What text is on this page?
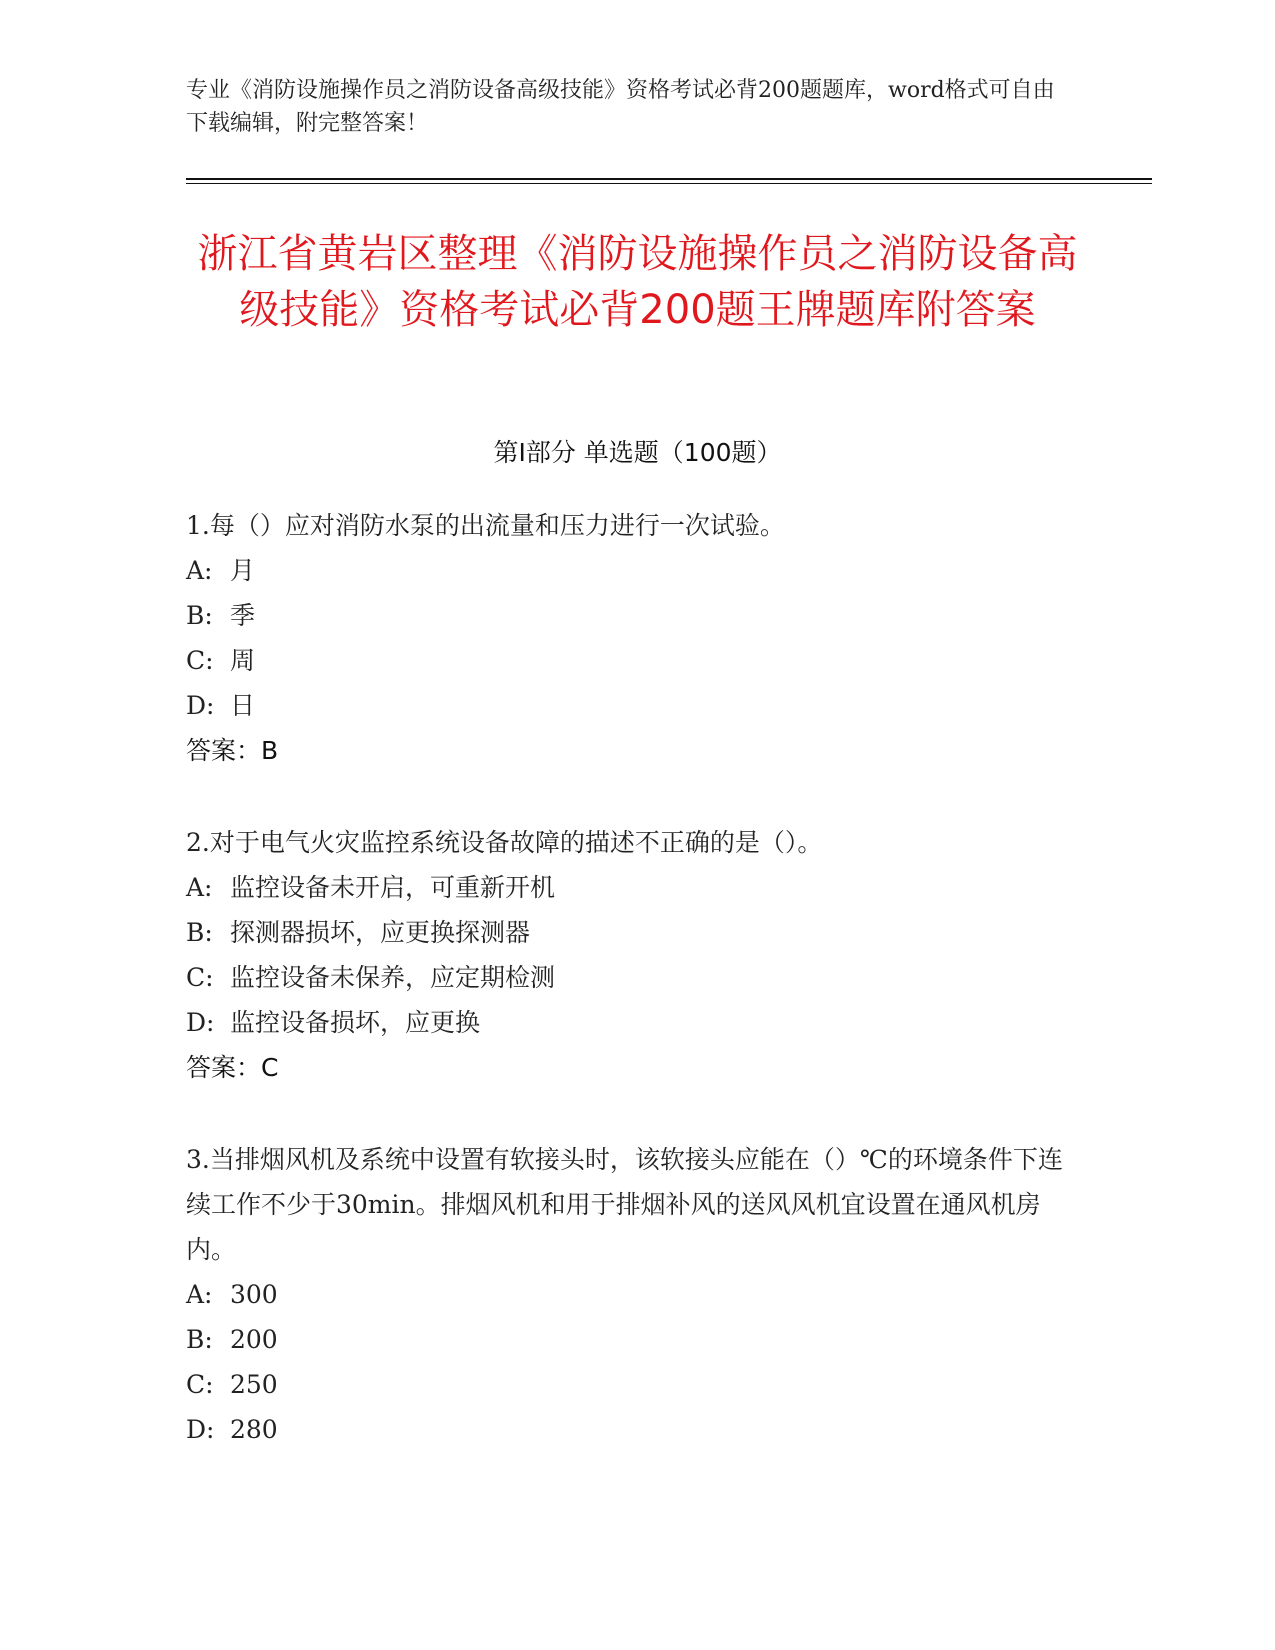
专业《消防设施操作员之消防设备高级技能》资格考试必背200题题库，word格式可自由下载编辑，附完整答案！
浙江省黄岩区整理《消防设施操作员之消防设备高级技能》资格考试必背200题王牌题库附答案
第Ⅰ部分 单选题（100题）

1.每（）应对消防水泵的出流量和压力进行一次试验。

A: 月

B: 季

C: 周

D: 日

答案：B

2.对于电气火灾监控系统设备故障的描述不正确的是（）。

A: 监控设备未开启，可重新开机

B: 探测器损坏，应更换探测器

C: 监控设备未保养，应定期检测

D: 监控设备损坏，应更换

答案：C

3.当排烟风机及系统中设置有软接头时，该软接头应能在（）℃的环境条件下连续工作不少于30min。排烟风机和用于排烟补风的送风风机宜设置在通风机房内。

A: 300

B: 200

C: 250

D: 280
